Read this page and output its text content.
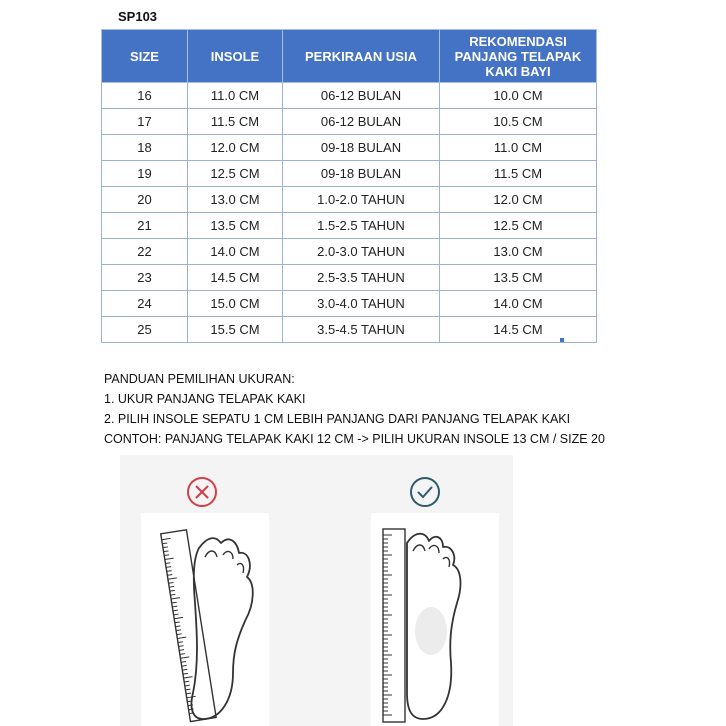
SP103
SIZE	INSOLE	PERKIRAAN USIA	REKOMENDASI
PANJANG TELAPAK
KAKI BAYI

16	11.0 CM	06-12 BULAN	10.0 CM
17	11.5 CM	06-12 BULAN	10.5 CM
18	12.0 CM	09-18 BULAN	11.0 CM
19	12.5 CM	09-18 BULAN	11.5 CM
20	13.0 CM	1.0-2.0 TAHUN	12.0 CM
21	13.5 CM	1.5-2.5 TAHUN	12.5 CM
22	14.0 CM	2.0-3.0 TAHUN	13.0 CM
23	14.5 CM	2.5-3.5 TAHUN	13.5 CM
24	15.0 CM	3.0-4.0 TAHUN	14.0 CM
25	15.5 CM	3.5-4.5 TAHUN	14.5 CM
PANDUAN PEMILIHAN UKURAN:
1. UKUR PANJANG TELAPAK KAKI
2. PILIH INSOLE SEPATU 1 CM LEBIH PANJANG DARI PANJANG TELAPAK KAKI
CONTOH: PANJANG TELAPAK KAKI 12 CM -> PILIH UKURAN INSOLE 13 CM / SIZE 20
